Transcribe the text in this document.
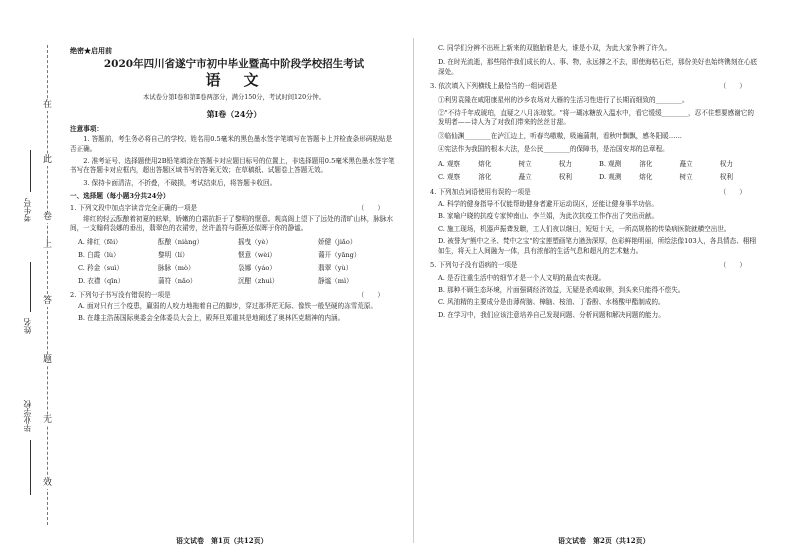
在
此
卷
上
答
题
无
效
考生号
姓名
毕业学校

绝密★启用前

2020年四川省遂宁市初中毕业暨高中阶段学校招生考试

语　文

本试卷分第Ⅰ卷和第Ⅱ卷两部分，满分150分，考试时间120分钟。

第Ⅰ卷（24分）

注意事项：

1. 答题前，考生务必将自己的学校、姓名用0.5毫米的黑色墨水签字笔填写在答题卡上并检查条形码粘贴是否正确。

2. 准考证号、选择题使用2B铅笔填涂在答题卡对应题目标号的位置上，非选择题用0.5毫米黑色墨水签字笔书写在答题卡对应框内，超出答题区域书写的答案无效；在草稿纸、试题卷上答题无效。

3. 保持卡面清洁，不折叠，不破损，考试结束后，将答题卡收回。

一、选择题（每小题3分共24分）

1. 下列文段中加点字读音完全正确的一项是	（　　）

绯红的轻云酝酿着初夏的眩晕，娇嫩的白霜抗拒于了黎明的惬意。观高阁上望下了远处的清旷山林，脉脉水间，一支翰荷袅娜的垂出，翡翠色的衣裙旁，丝许盖符与蔚蕉还似晖于你的静谧。

A. 绯红（fēi）	酝酿（niàng）	摇曳（yè）	娇健（jiǎo）
B. 白霞（lù）	黎明（lí）	惬意（wèi）	蔼开（yāng）
C. 矜金（suì）	脉脉（mò）	袅娜（yáo）	翡翠（yù）
D. 衣襟（qīn）	蒲符（nǎo）	沉酣（zhuì）	静谧（mì）

2. 下列句子书写没有错误的一项是	（　　）

A. 面对只有三个疫患，赢弱的人咬力地拖着自己的脚步，穿过那莽茫无际、像铁一般坚硬的冻雪荒原。

B. 在雄主浩荡国际奥委会全体委员大会上，殿拜旦郑重其是地阐述了奥林匹克精神的内涵。

语文试卷　第1页（共12页）

C. 同学们分辨不出班上新来的双胞胎谁是大，谁是小双，为此大家争辨了许久。

D. 在时光流逝，那些陪伴我们成长的人、事、物，永远撑之不去，即使海枯石烂，那份美好也始终镌刻在心底深处。

3. 依次填入下列横线上最恰当的一组词语是	（　　）

①利男袁隆在咸阳康星州的沙乡农场对大雁的生活习性进行了长期而细致的________。

②"不待千年成琥珀，直疑之八月冻琼浆。"将一瑚冰糖放入温水中，看它缓缓________，忍不住想要感谢它的发明者——诗人为了对我们带来的丝丝甘甜。

③临仙渊________在泸江边上，听春鸟嗷嗷，吸遍蒲荆，看秋叶飘飘，感冬阳暖……

④宪法作为我国的根本大法，是公民________的保障书，是治国安邦的总章程。

A. 观察	熔化	树立	权力	B. 观测	溶化	矗立	权力
C. 观察	溶化	矗立	权利	D. 观测	熔化	树立	权利

4. 下列加点词语使用有误的一项是	（　　）

A. 科学的健身指导不仅能帮助健身者避开运动误区，还能让健身事半功倍。

B. 家喻户晓的抗疫专家钟南山、李兰娟，为此次抗疫工作作出了突出贡献。

C. 施工现场，机器声振聋发聩，工人们夜以继日，短短十天，一所高规格的传染病医院就横空出世。

D. 被誉为"熊中之圣、梵中之宝"的宝莲塑画笔力遒劲深厚，色彩鲜艳明丽，所绘法像103人，各具情态、栩栩如生，将天上人间融为一体，具有浓郁的生活气息和超凡的艺术魅力。

5. 下列句子没有语病的一项是	（　　）

A. 是否注重生活中的细节才是一个人文明的最直实表现。

B. 那种不顾生态环境，片面强调经济效益，无疑是杀鸡取卵，到头来只能得不偿失。

C. 风油精的主要成分是由薄荷脑、樟脑、桉油、丁香酚、水杨酸甲酯制成的。

D. 在学习中，我们应该注意培养自己发现问题、分析问题和解决问题的能力。

语文试卷　第2页（共12页）
